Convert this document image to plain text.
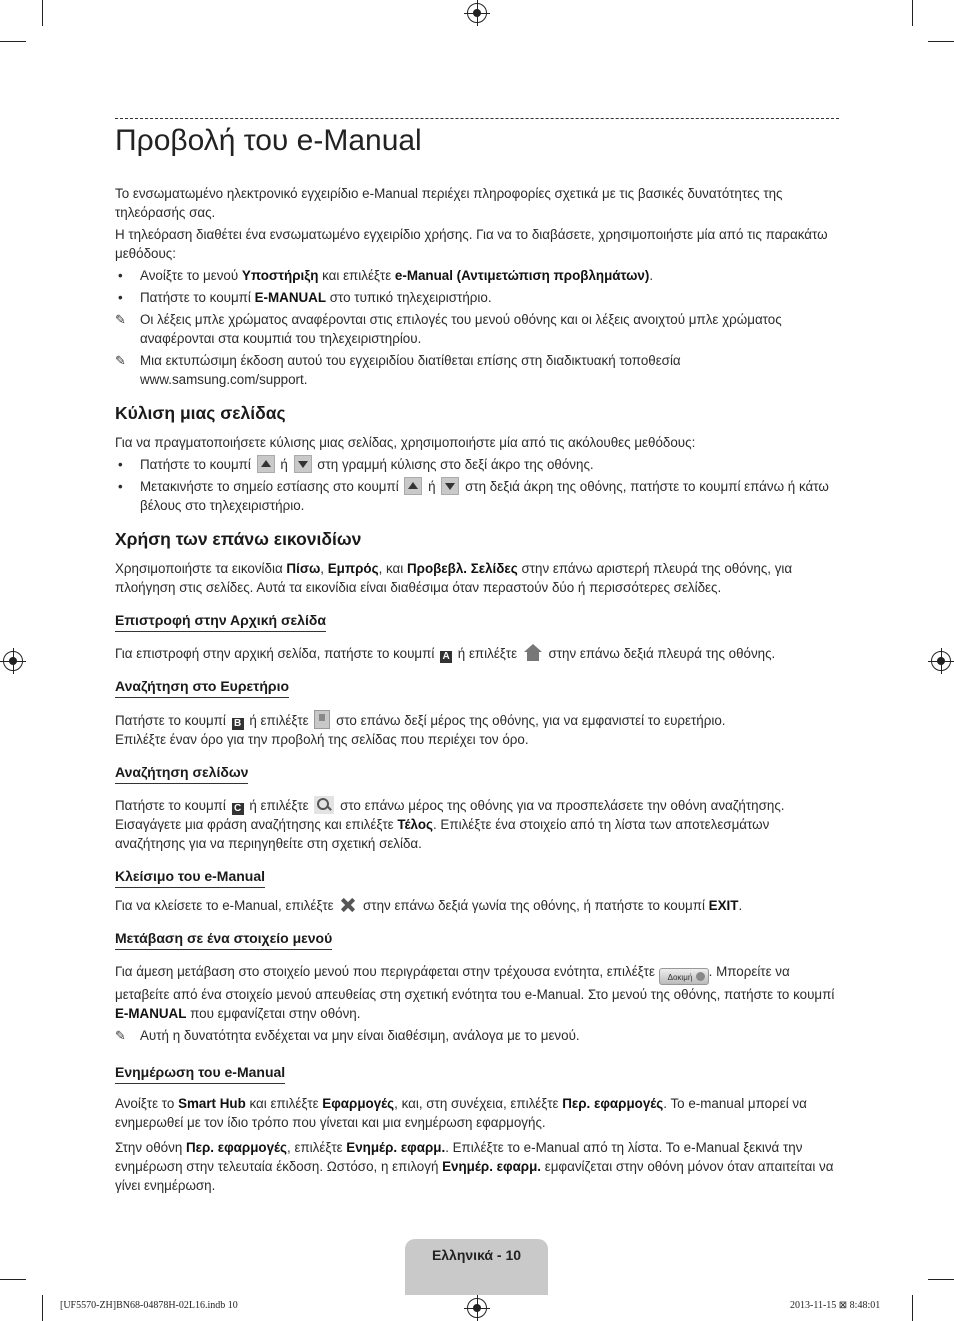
Προβολή του e-Manual

Το ενσωματωμένο ηλεκτρονικό εγχειρίδιο e-Manual περιέχει πληροφορίες σχετικά με τις βασικές δυνατότητες της τηλεόρασής σας.

Η τηλεόραση διαθέτει ένα ενσωματωμένο εγχειρίδιο χρήσης. Για να το διαβάσετε, χρησιμοποιήστε μία από τις παρακάτω μεθόδους:

• Ανοίξτε το μενού Υποστήριξη και επιλέξτε e-Manual (Αντιμετώπιση προβλημάτων).
• Πατήστε το κουμπί E-MANUAL στο τυπικό τηλεχειριστήριο.
✎ Οι λέξεις μπλε χρώματος αναφέρονται στις επιλογές του μενού οθόνης και οι λέξεις ανοιχτού μπλε χρώματος αναφέρονται στα κουμπιά του τηλεχειριστηρίου.
✎ Μια εκτυπώσιμη έκδοση αυτού του εγχειριδίου διατίθεται επίσης στη διαδικτυακή τοποθεσία www.samsung.com/support.
Κύλιση μιας σελίδας

Για να πραγματοποιήσετε κύλισης μιας σελίδας, χρησιμοποιήστε μία από τις ακόλουθες μεθόδους:

• Πατήστε το κουμπί  ή  στη γραμμή κύλισης στο δεξί άκρο της οθόνης.
• Μετακινήστε το σημείο εστίασης στο κουμπί  ή  στη δεξιά άκρη της οθόνης, πατήστε το κουμπί επάνω ή κάτω βέλους στο τηλεχειριστήριο.
Χρήση των επάνω εικονιδίων

Χρησιμοποιήστε τα εικονίδια Πίσω, Εμπρός, και Προβεβλ. Σελίδες στην επάνω αριστερή πλευρά της οθόνης, για πλοήγηση στις σελίδες. Αυτά τα εικονίδια είναι διαθέσιμα όταν περαστούν δύο ή περισσότερες σελίδες.

Επιστροφή στην Αρχική σελίδα

Για επιστροφή στην αρχική σελίδα, πατήστε το κουμπί A ή επιλέξτε  στην επάνω δεξιά πλευρά της οθόνης.

Αναζήτηση στο Ευρετήριο

Πατήστε το κουμπί B ή επιλέξτε  στο επάνω δεξί μέρος της οθόνης, για να εμφανιστεί το ευρετήριο.

Επιλέξτε έναν όρο για την προβολή της σελίδας που περιέχει τον όρο.

Αναζήτηση σελίδων

Πατήστε το κουμπί C ή επιλέξτε  στο επάνω μέρος της οθόνης για να προσπελάσετε την οθόνη αναζήτησης.

Εισαγάγετε μια φράση αναζήτησης και επιλέξτε Τέλος. Επιλέξτε ένα στοιχείο από τη λίστα των αποτελεσμάτων αναζήτησης για να περιηγηθείτε στη σχετική σελίδα.

Κλείσιμο του e-Manual

Για να κλείσετε το e-Manual, επιλέξτε  στην επάνω δεξιά γωνία της οθόνης, ή πατήστε το κουμπί EXIT.

Μετάβαση σε ένα στοιχείο μενού

Για άμεση μετάβαση στο στοιχείο μενού που περιγράφεται στην τρέχουσα ενότητα, επιλέξτε Δοκιμή . Μπορείτε να μεταβείτε από ένα στοιχείο μενού απευθείας στη σχετική ενότητα του e-Manual. Στο μενού της οθόνης, πατήστε το κουμπί E-MANUAL που εμφανίζεται στην οθόνη.

✎ Αυτή η δυνατότητα ενδέχεται να μην είναι διαθέσιμη, ανάλογα με το μενού.
Ενημέρωση του e-Manual

Ανοίξτε το Smart Hub και επιλέξτε Εφαρμογές, και, στη συνέχεια, επιλέξτε Περ. εφαρμογές. Το e-manual μπορεί να ενημερωθεί με τον ίδιο τρόπο που γίνεται και μια ενημέρωση εφαρμογής.

Στην οθόνη Περ. εφαρμογές, επιλέξτε Ενημέρ. εφαρμ.. Επιλέξτε το e-Manual από τη λίστα. Το e-Manual ξεκινά την ενημέρωση στην τελευταία έκδοση. Ωστόσο, η επιλογή Ενημέρ. εφαρμ. εμφανίζεται στην οθόνη μόνον όταν απαιτείται να γίνει ενημέρωση.

Ελληνικά - 10
[UF5570-ZH]BN68-04878H-02L16.indb 10	2013-11-15 ⊠ 8:48:01
